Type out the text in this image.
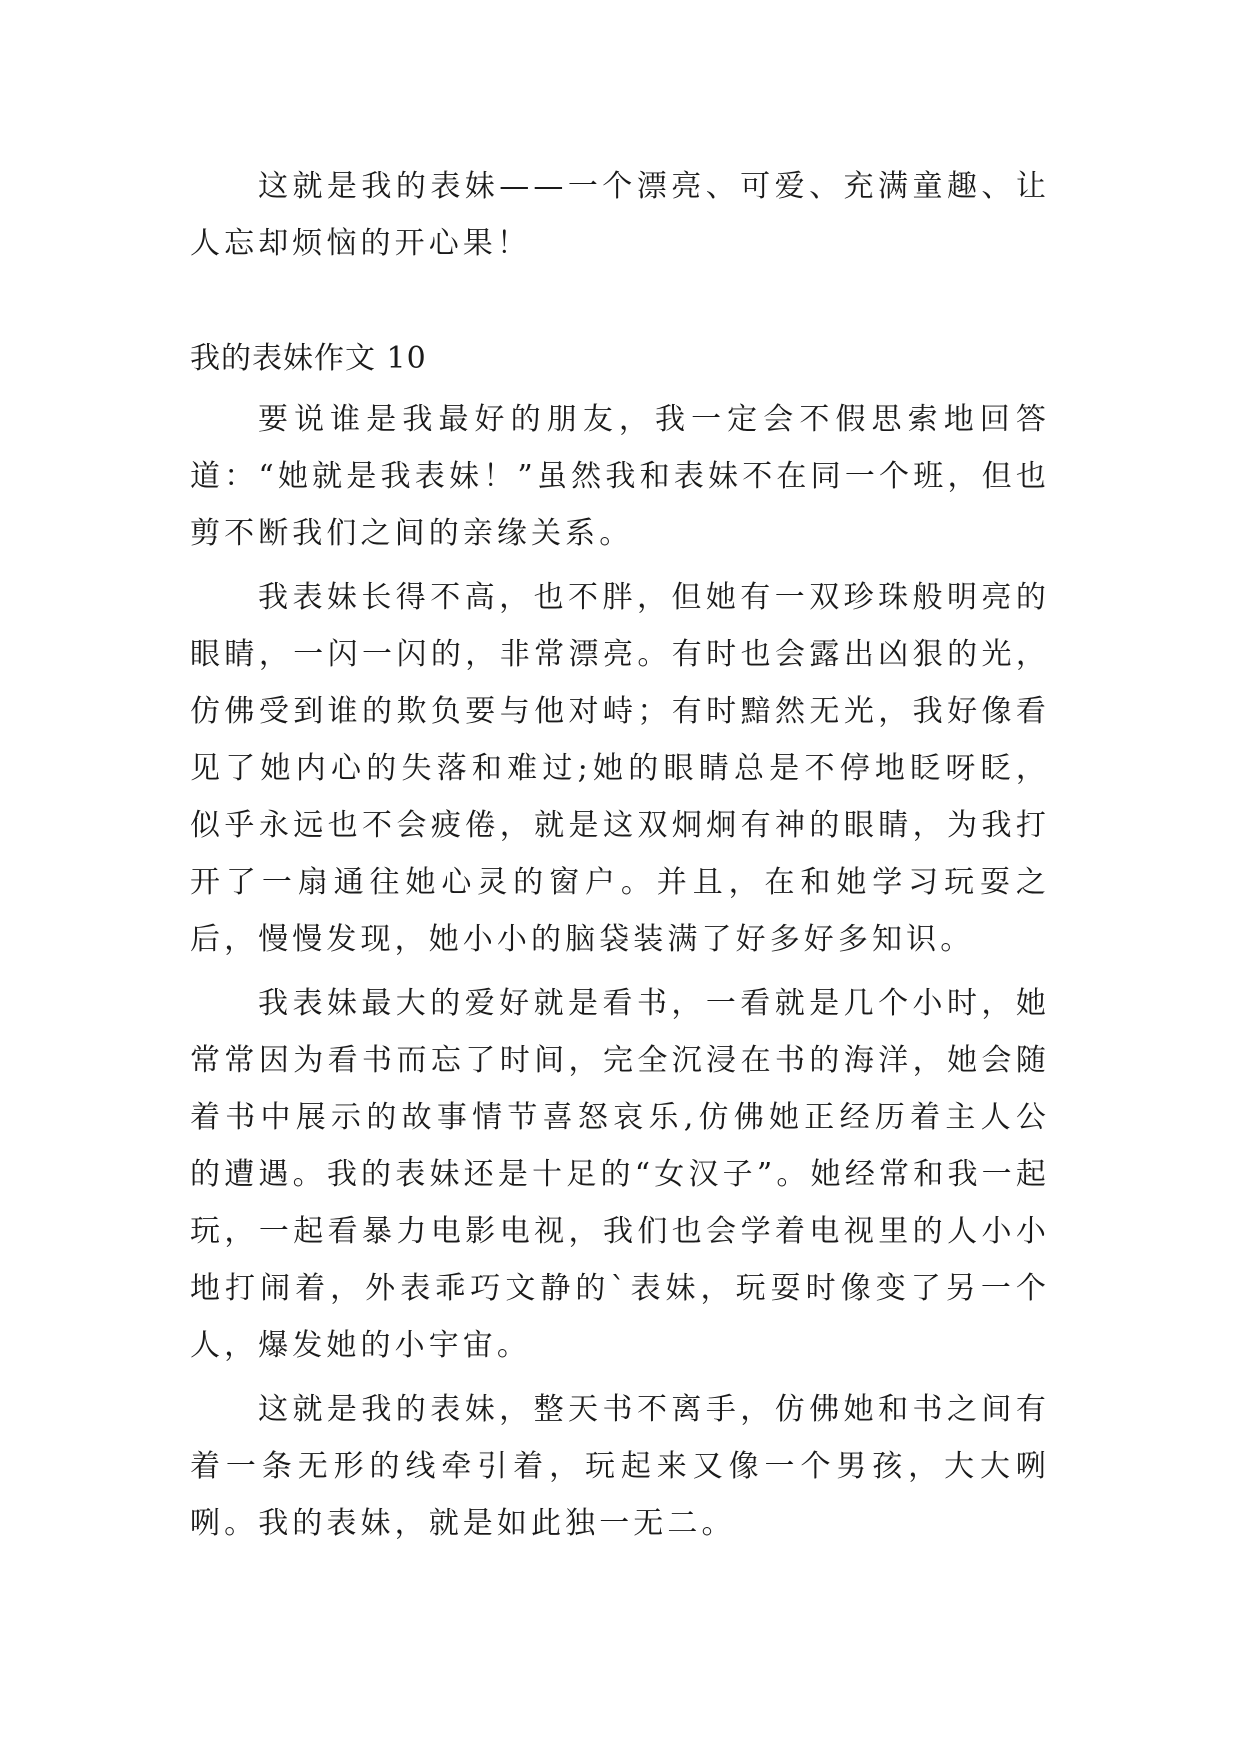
这就是我的表妹——一个漂亮、可爱、充满童趣、让人忘却烦恼的开心果！

我的表妹作文 10

要说谁是我最好的朋友，我一定会不假思索地回答道：“她就是我表妹！”虽然我和表妹不在同一个班，但也剪不断我们之间的亲缘关系。

我表妹长得不高，也不胖，但她有一双珍珠般明亮的眼睛，一闪一闪的，非常漂亮。有时也会露出凶狠的光，仿佛受到谁的欺负要与他对峙；有时黯然无光，我好像看见了她内心的失落和难过;她的眼睛总是不停地眨呀眨，似乎永远也不会疲倦，就是这双炯炯有神的眼睛，为我打开了一扇通往她心灵的窗户。并且，在和她学习玩耍之后，慢慢发现，她小小的脑袋装满了好多好多知识。

我表妹最大的爱好就是看书，一看就是几个小时，她常常因为看书而忘了时间，完全沉浸在书的海洋，她会随着书中展示的故事情节喜怒哀乐,仿佛她正经历着主人公的遭遇。我的表妹还是十足的“女汉子”。她经常和我一起玩，一起看暴力电影电视，我们也会学着电视里的人小小地打闹着，外表乖巧文静的`表妹，玩耍时像变了另一个人，爆发她的小宇宙。

这就是我的表妹，整天书不离手，仿佛她和书之间有着一条无形的线牵引着，玩起来又像一个男孩，大大咧咧。我的表妹，就是如此独一无二。
